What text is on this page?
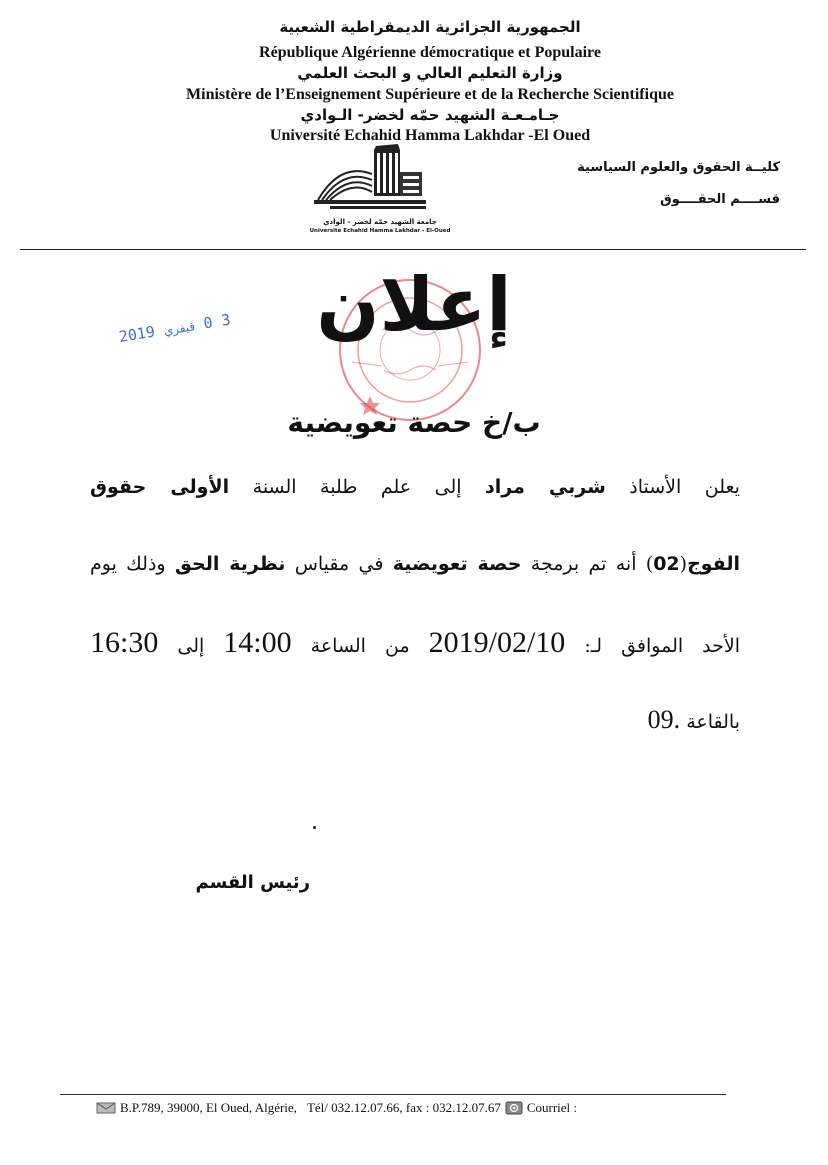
الجمهورية الجزائرية الديمقراطية الشعبية
République Algérienne démocratique et Populaire
وزارة التعليم العالي و البحث العلمي
Ministère de l’Enseignement Supérieure et de la Recherche Scientifique
جـامـعـة الشهيد حمّه لخضر- الـوادي
Université Echahid Hamma Lakhdar -El Oued
كليــة الحقوق والعلوم السياسية
قســــم الحقــــوق
جامعة الشهيد حمّه لخضر - الوادي
Université Echahid Hamma Lakhdar - El-Oued
2019 فيفري 0 3	إعلان
ب/خ حصة تعويضية
يعلن الأستاذ شربي مراد إلى علم طلبة السنة الأولى حقوق
الفوج(02) أنه تم برمجة حصة تعويضية في مقياس نظرية الحق وذلك يوم
الأحد الموافق لـ: 2019/02/10 من الساعة 14:00 إلى 16:30
بالقاعة 09.
رئيس القسم
B.P.789, 39000, El Oued, Algérie, Tél/ 032.12.07.66, fax : 032.12.07.67 Courriel :
